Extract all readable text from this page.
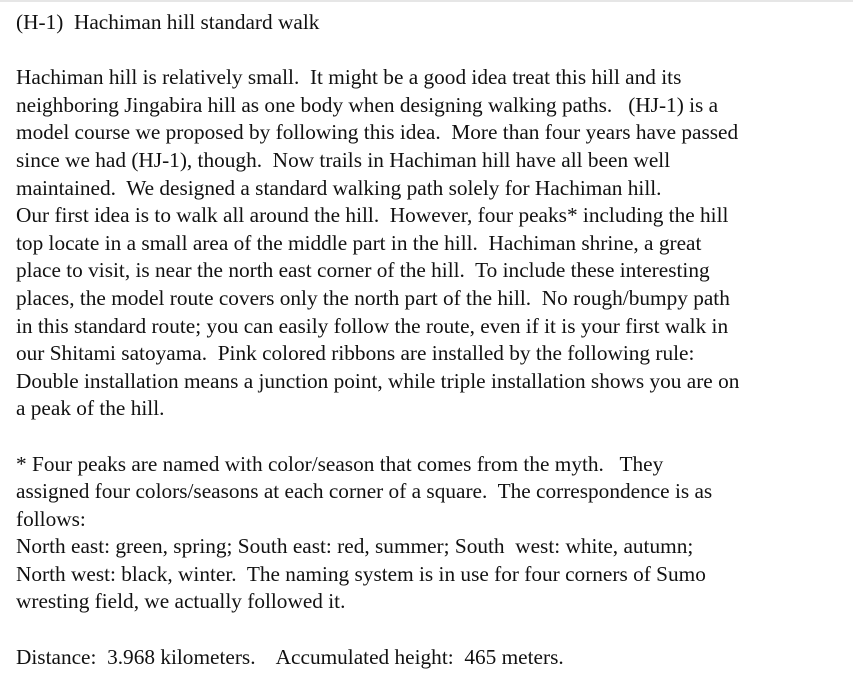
(H-1)  Hachiman hill standard walk
Hachiman hill is relatively small.  It might be a good idea treat this hill and its
neighboring Jingabira hill as one body when designing walking paths.   (HJ-1) is a
model course we proposed by following this idea.  More than four years have passed
since we had (HJ-1), though.  Now trails in Hachiman hill have all been well
maintained.  We designed a standard walking path solely for Hachiman hill.
Our first idea is to walk all around the hill.  However, four peaks* including the hill
top locate in a small area of the middle part in the hill.  Hachiman shrine, a great
place to visit, is near the north east corner of the hill.  To include these interesting
places, the model route covers only the north part of the hill.  No rough/bumpy path
in this standard route; you can easily follow the route, even if it is your first walk in
our Shitami satoyama.  Pink colored ribbons are installed by the following rule:
Double installation means a junction point, while triple installation shows you are on
a peak of the hill.
* Four peaks are named with color/season that comes from the myth.   They
assigned four colors/seasons at each corner of a square.  The correspondence is as
follows:
North east: green, spring; South east: red, summer; South  west: white, autumn;
North west: black, winter.  The naming system is in use for four corners of Sumo
wresting field, we actually followed it.
Distance:  3.968 kilometers.    Accumulated height:  465 meters.
